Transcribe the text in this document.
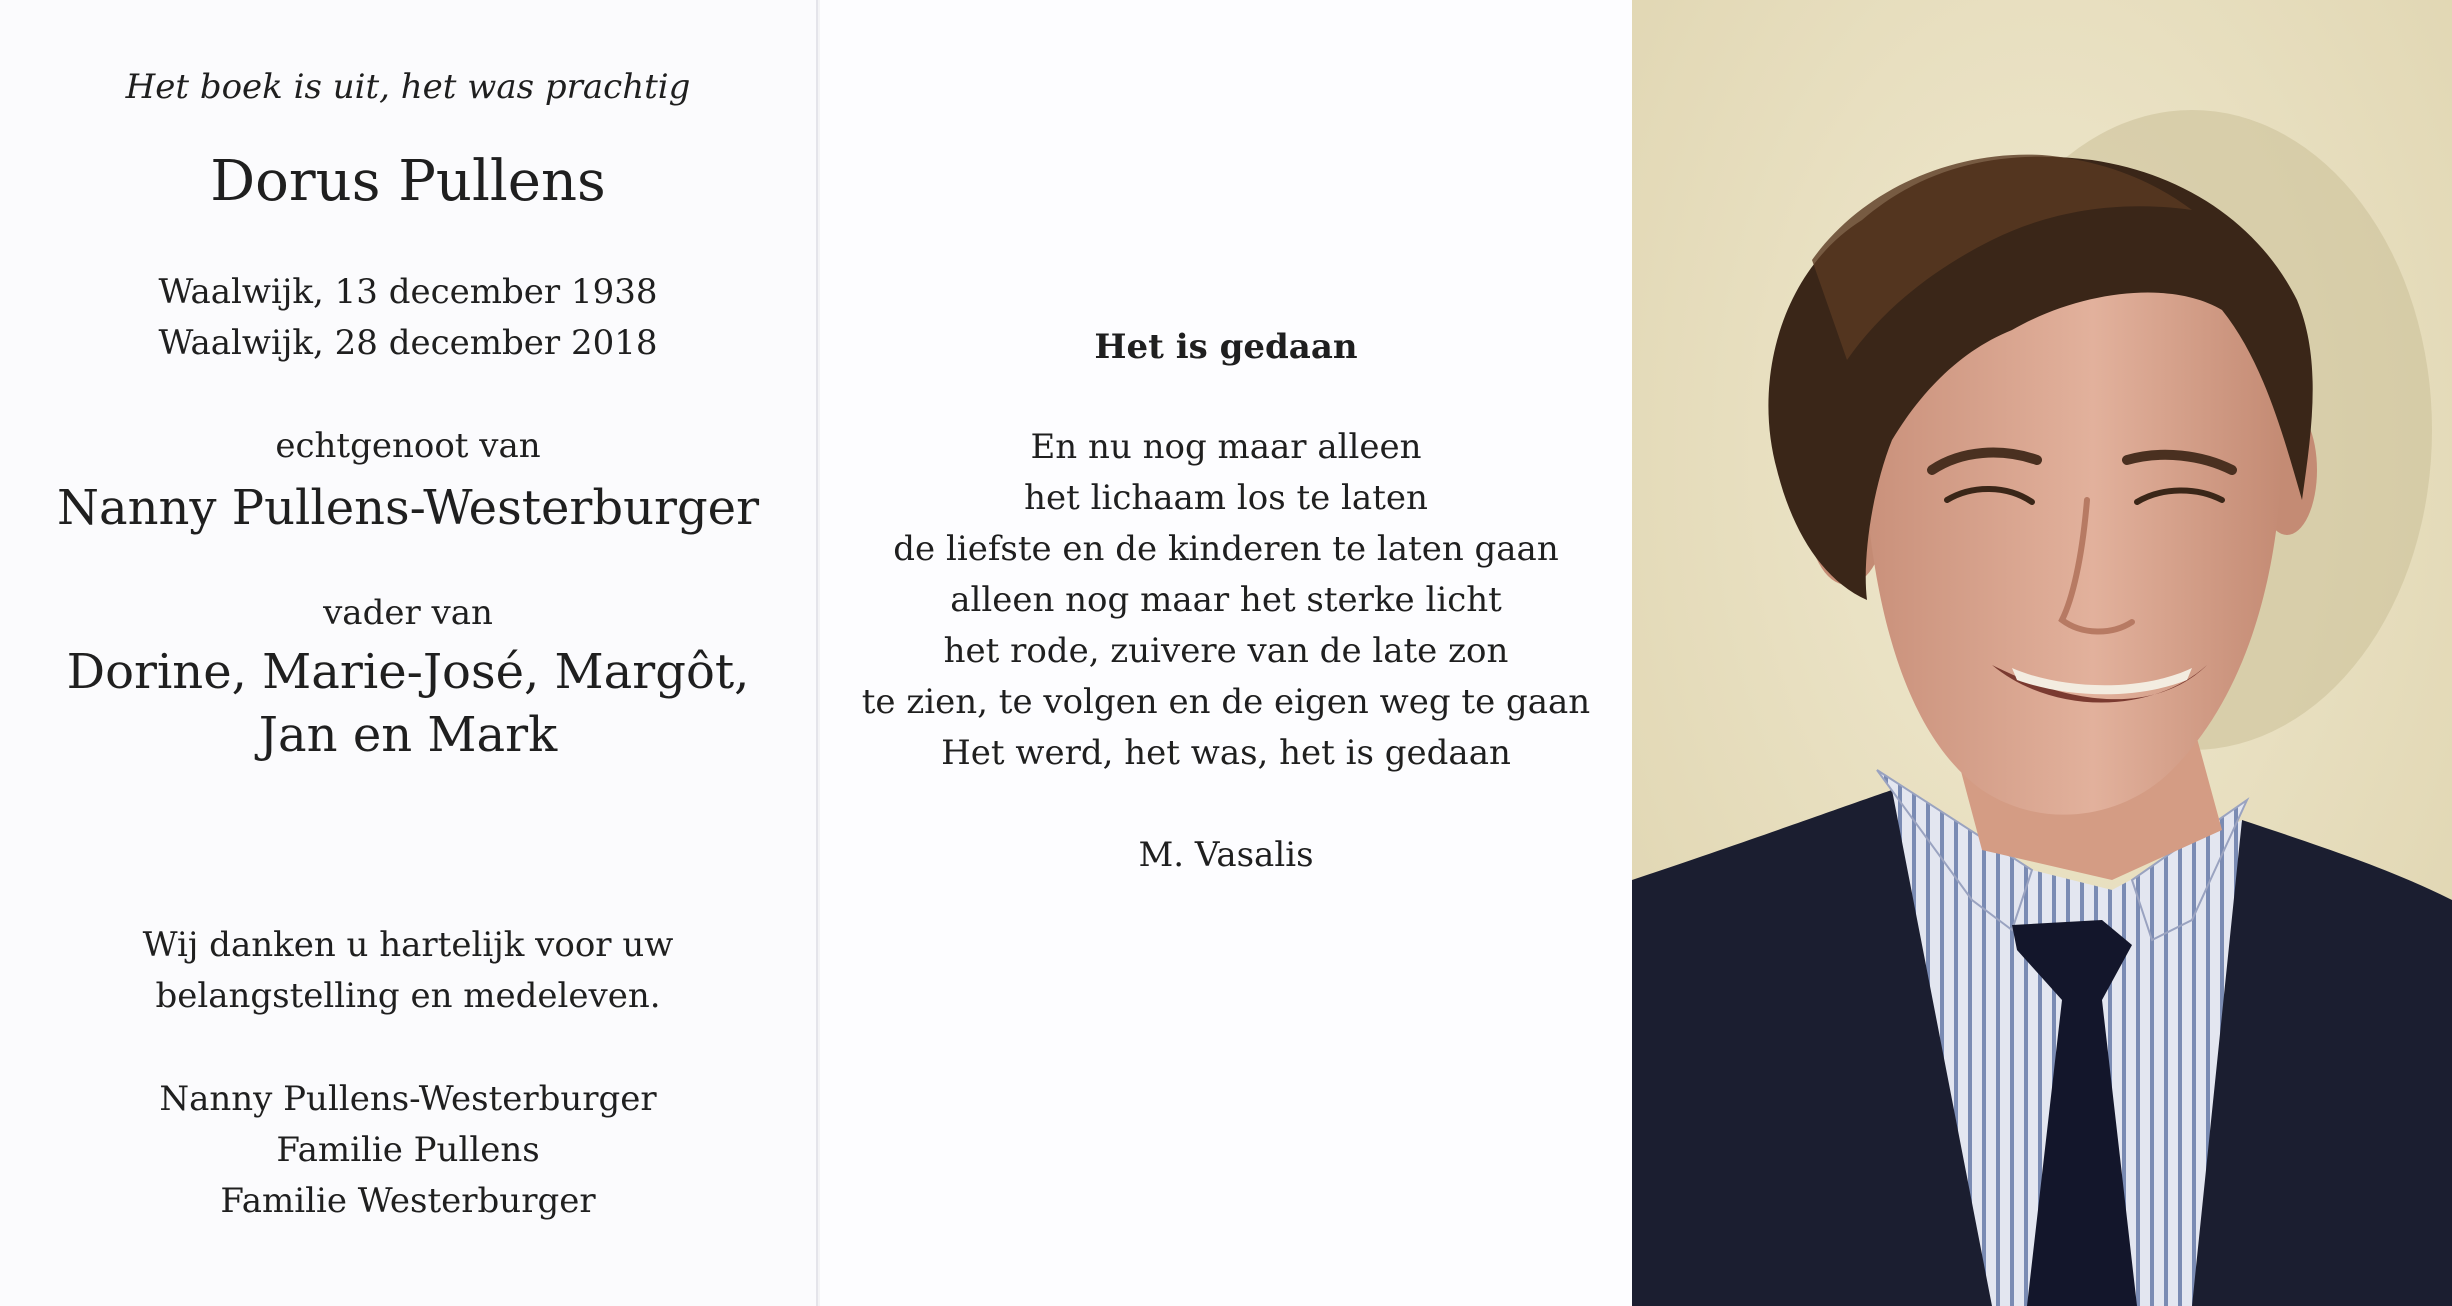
Het boek is uit, het was prachtig
Dorus Pullens
Waalwijk, 13 december 1938
Waalwijk, 28 december 2018
echtgenoot van
Nanny Pullens-Westerburger
vader van
Dorine, Marie-José, Margôt,
Jan en Mark
Wij danken u hartelijk voor uw
belangstelling en medeleven.
Nanny Pullens-Westerburger
Familie Pullens
Familie Westerburger
Het is gedaan
En nu nog maar alleen
het lichaam los te laten
de liefste en de kinderen te laten gaan
alleen nog maar het sterke licht
het rode, zuivere van de late zon
te zien, te volgen en de eigen weg te gaan
Het werd, het was, het is gedaan
M. Vasalis
